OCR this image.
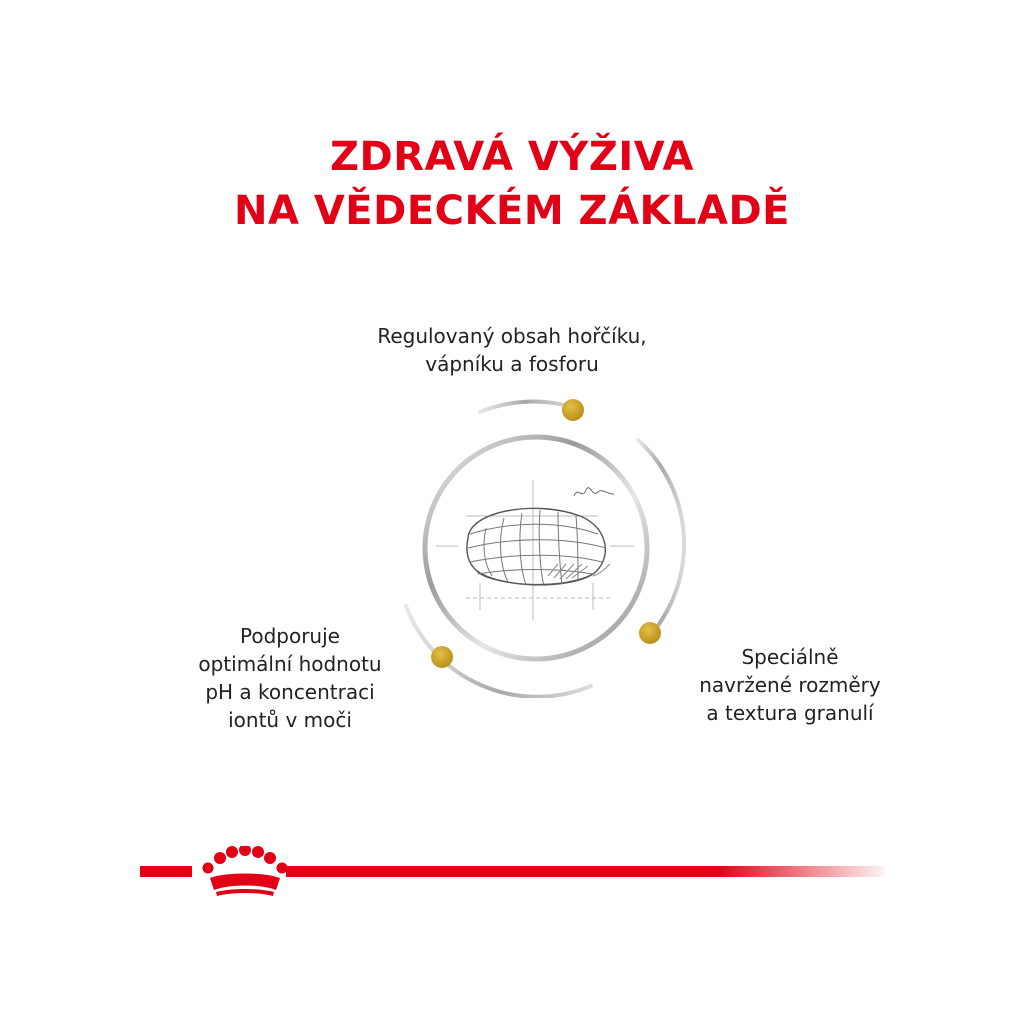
ZDRAVÁ VÝŽIVA
NA VĚDECKÉM ZÁKLADĚ
Regulovaný obsah hořčíku,
vápníku a fosforu
Podporuje
optimální hodnotu
pH a koncentraci
iontů v moči
Speciálně
navržené rozměry
a textura granulí
